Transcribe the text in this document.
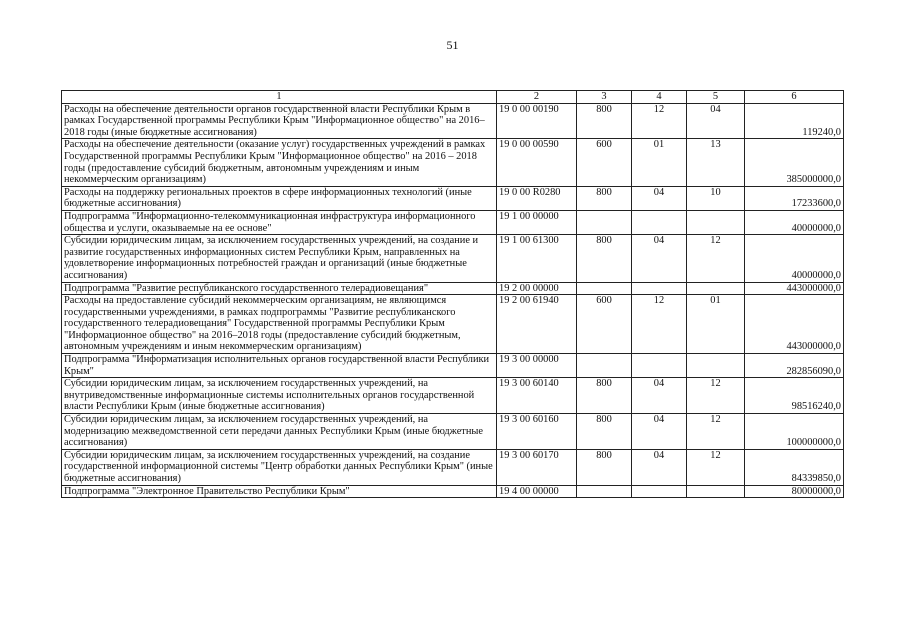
51
1	2	3	4	5	6
Расходы на обеспечение деятельности органов государственной власти Республики Крым в рамках Государственной программы Республики Крым "Информационное общество" на 2016–2018 годы (иные бюджетные ассигнования)	19 0 00 00190	800	12	04	119240,0
Расходы на обеспечение деятельности (оказание услуг) государственных учреждений в рамках Государственной программы Республики Крым "Информационное общество" на 2016 – 2018 годы (предоставление субсидий бюджетным, автономным учреждениям и иным некоммерческим организациям)	19 0 00 00590	600	01	13	385000000,0
Расходы на поддержку региональных проектов в сфере информационных технологий (иные бюджетные ассигнования)	19 0 00 R0280	800	04	10	17233600,0
Подпрограмма "Информационно-телекоммуникационная инфраструктура информационного общества и услуги, оказываемые на ее основе"	19 1 00 00000				40000000,0
Субсидии юридическим лицам, за исключением государственных учреждений, на создание и развитие государственных информационных систем Республики Крым, направленных на удовлетворение информационных потребностей граждан и организаций (иные бюджетные ассигнования)	19 1 00 61300	800	04	12	40000000,0
Подпрограмма "Развитие республиканского государственного телерадиовещания"	19 2 00 00000				443000000,0
Расходы на предоставление субсидий некоммерческим организациям, не являющимся государственными учреждениями, в рамках подпрограммы "Развитие республиканского государственного телерадиовещания" Государственной программы Республики Крым "Информационное общество" на 2016–2018 годы (предоставление субсидий бюджетным, автономным учреждениям и иным некоммерческим организациям)	19 2 00 61940	600	12	01	443000000,0
Подпрограмма "Информатизация исполнительных органов государственной власти Республики Крым"	19 3 00 00000				282856090,0
Субсидии юридическим лицам, за исключением государственных учреждений, на внутриведомственные информационные системы исполнительных органов государственной власти Республики Крым (иные бюджетные ассигнования)	19 3 00 60140	800	04	12	98516240,0
Субсидии юридическим лицам, за исключением государственных учреждений, на модернизацию межведомственной сети передачи данных Республики Крым (иные бюджетные ассигнования)	19 3 00 60160	800	04	12	100000000,0
Субсидии юридическим лицам, за исключением государственных учреждений, на создание государственной информационной системы "Центр обработки данных Республики Крым" (иные бюджетные ассигнования)	19 3 00 60170	800	04	12	84339850,0
Подпрограмма "Электронное Правительство Республики Крым"	19 4 00 00000				80000000,0
